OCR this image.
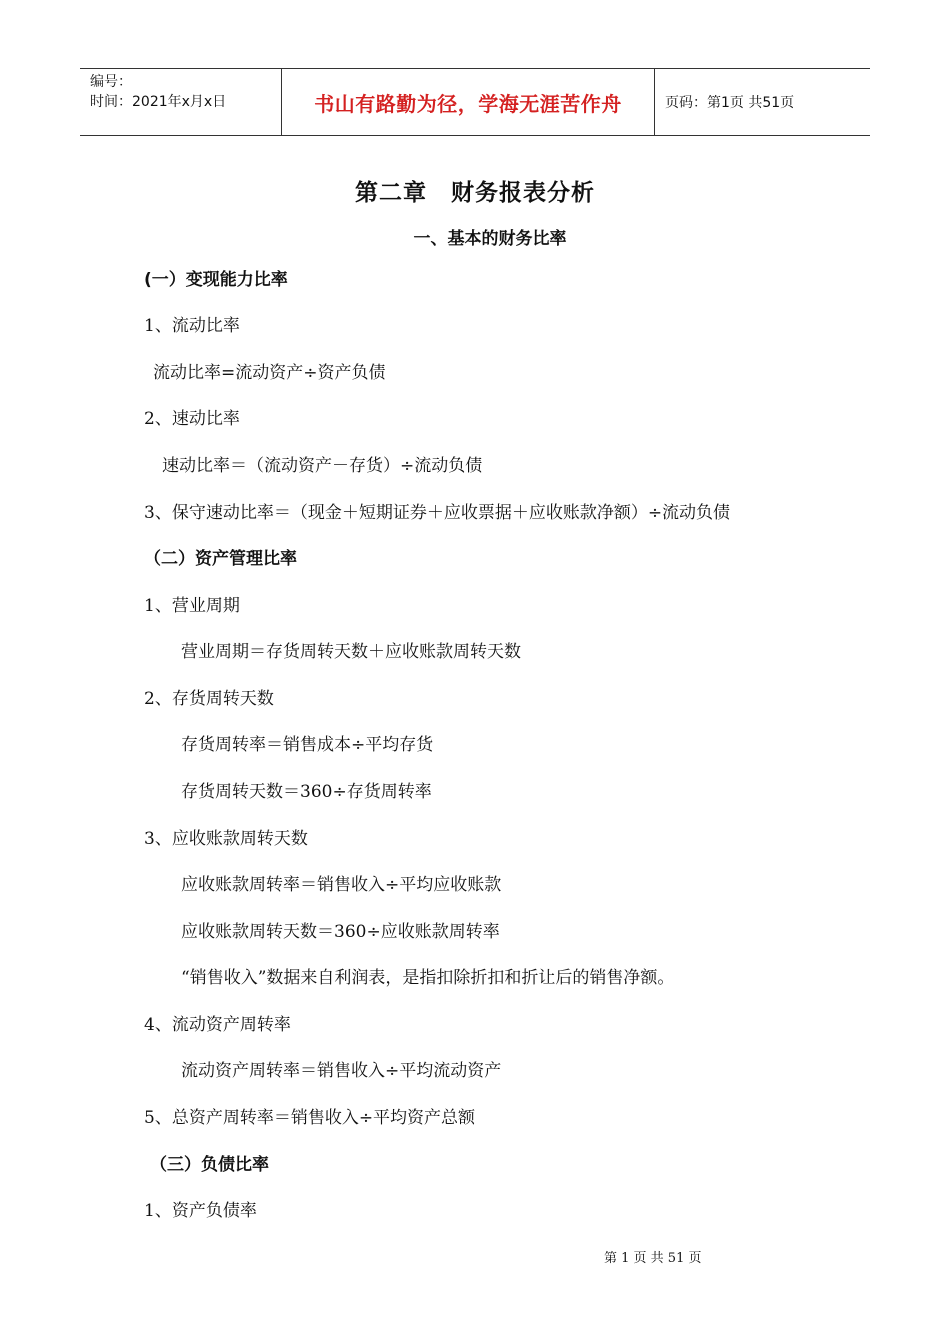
编号：
时间：2021年x月x日	书山有路勤为径，学海无涯苦作舟	页码：第1页 共51页
第二章　财务报表分析
一、基本的财务比率
(一）变现能力比率
1、流动比率
流动比率=流动资产÷资产负债
2、速动比率
速动比率＝（流动资产－存货）÷流动负债
3、保守速动比率＝（现金＋短期证券＋应收票据＋应收账款净额）÷流动负债
（二）资产管理比率
1、营业周期
营业周期＝存货周转天数＋应收账款周转天数
2、存货周转天数
存货周转率＝销售成本÷平均存货
存货周转天数＝360÷存货周转率
3、应收账款周转天数
应收账款周转率＝销售收入÷平均应收账款
应收账款周转天数＝360÷应收账款周转率
“销售收入”数据来自利润表，是指扣除折扣和折让后的销售净额。
4、流动资产周转率
流动资产周转率＝销售收入÷平均流动资产
5、总资产周转率＝销售收入÷平均资产总额
（三）负债比率
1、资产负债率
第 1 页 共 51 页
